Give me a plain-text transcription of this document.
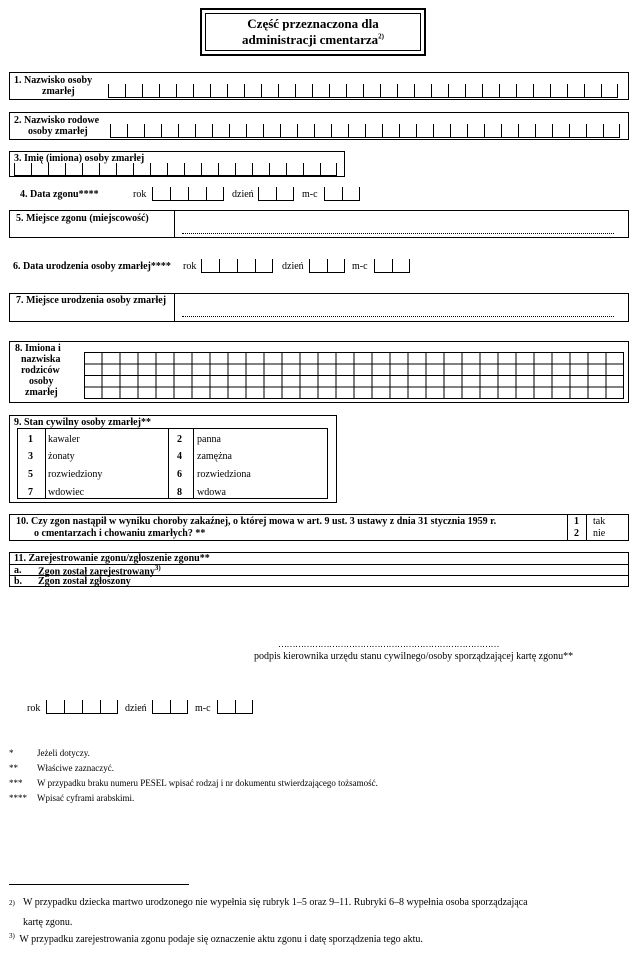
Część przeznaczona dla
administracji cmentarza$^{2)}$
1. Nazwisko osoby
zmarłej
2. Nazwisko rodowe
osoby zmarłej
3. Imię (imiona) osoby zmarłej
4. Data zgonu****	rok	dzień	m-c
5. Miejsce zgonu (miejscowość)
6. Data urodzenia osoby zmarłej**** rok	dzień	m-c
7. Miejsce urodzenia osoby zmarłej
8. Imiona i
nazwiska
rodziców
osoby
zmarłej
9. Stan cywilny osoby zmarłej**
1 kawaler	2 panna
3 żonaty	4 zamężna
5 rozwiedziony	6 rozwiedziona
7 wdowiec	8 wdowa
10. Czy zgon nastąpił w wyniku choroby zakaźnej, o której mowa w art. 9 ust. 3 ustawy z dnia 31 stycznia 1959 r.
o cmentarzach i chowaniu zmarłych? **
1 tak
2 nie
11. Zarejestrowanie zgonu/zgłoszenie zgonu**
a. Zgon został zarejestrowany$^{3)}$
b. Zgon został zgłoszony
……………………………………………………………………
podpis kierownika urzędu stanu cywilnego/osoby sporządzającej kartę zgonu**
rok	dzień	m-c
*	Jeżeli dotyczy.
**	Właściwe zaznaczyć.
***	W przypadku braku numeru PESEL wpisać rodzaj i nr dokumentu stwierdzającego tożsamość.
****	Wpisać cyframi arabskimi.
$^{2)}$ W przypadku dziecka martwo urodzonego nie wypełnia się rubryk 1–5 oraz 9–11. Rubryki 6–8 wypełnia osoba sporządzająca
kartę zgonu.
$^{3)}$ W przypadku zarejestrowania zgonu podaje się oznaczenie aktu zgonu i datę sporządzenia tego aktu.
